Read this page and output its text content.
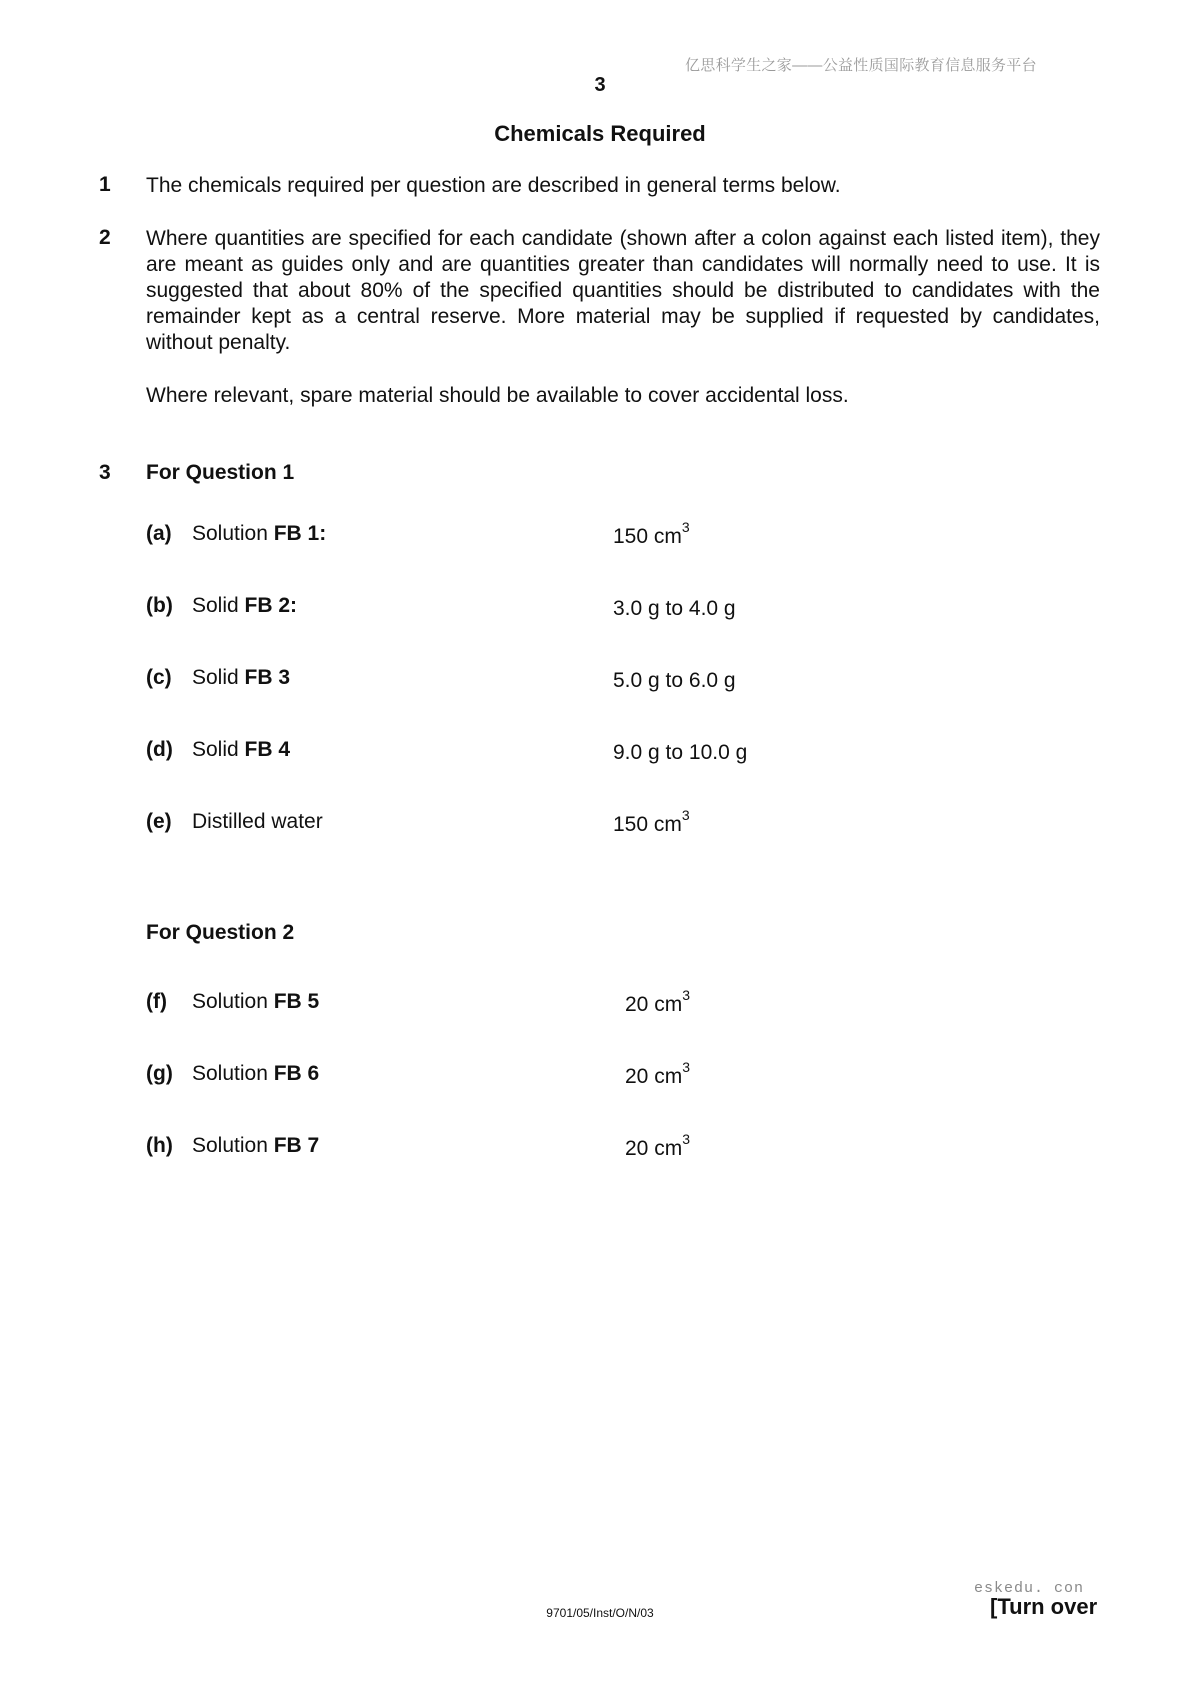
亿思科学生之家——公益性质国际教育信息服务平台
3
Chemicals Required
1 The chemicals required per question are described in general terms below.
2 Where quantities are specified for each candidate (shown after a colon against each listed item), they are meant as guides only and are quantities greater than candidates will normally need to use. It is suggested that about 80% of the specified quantities should be distributed to candidates with the remainder kept as a central reserve. More material may be supplied if requested by candidates, without penalty.
Where relevant, spare material should be available to cover accidental loss.
3 For Question 1
(a) Solution FB 1:	150 $cm^3$
(b) Solid FB 2:	3.0 g to 4.0 g
(c) Solid FB 3	5.0 g to 6.0 g
(d) Solid FB 4	9.0 g to 10.0 g
(e) Distilled water	150 $cm^3$
For Question 2
(f) Solution FB 5	20 $cm^3$
(g) Solution FB 6	20 $cm^3$
(h) Solution FB 7	20 $cm^3$
eskedu. con
9701/05/Inst/O/N/03	[Turn over
